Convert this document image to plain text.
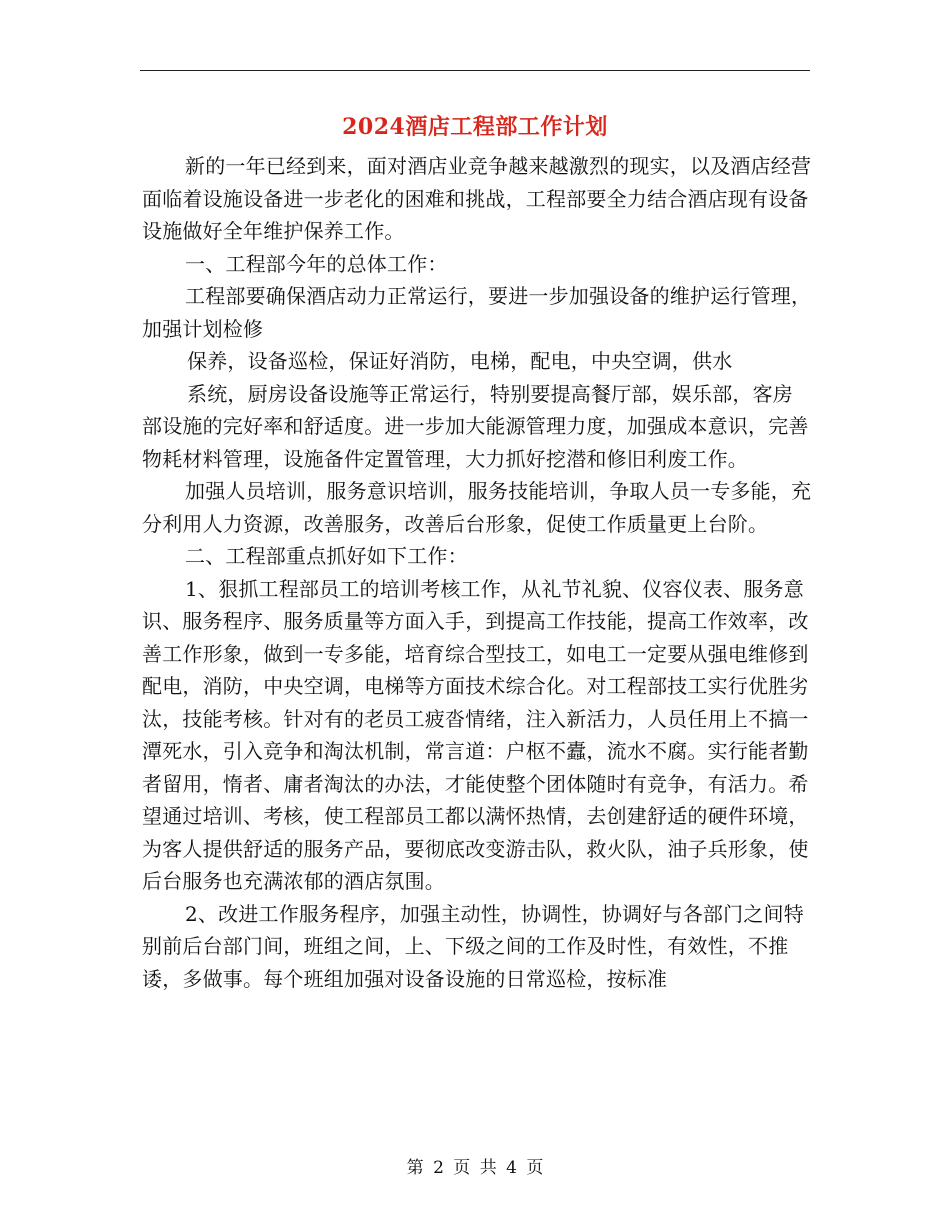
2024酒店工程部工作计划

新的一年已经到来，面对酒店业竞争越来越激烈的现实，以及酒店经营面临着设施设备进一步老化的困难和挑战，工程部要全力结合酒店现有设备设施做好全年维护保养工作。

一、工程部今年的总体工作：

工程部要确保酒店动力正常运行，要进一步加强设备的维护运行管理，加强计划检修

保养，设备巡检，保证好消防，电梯，配电，中央空调，供水

系统，厨房设备设施等正常运行，特别要提高餐厅部，娱乐部，客房部设施的完好率和舒适度。进一步加大能源管理力度，加强成本意识，完善物耗材料管理，设施备件定置管理，大力抓好挖潜和修旧利废工作。

加强人员培训，服务意识培训，服务技能培训，争取人员一专多能，充分利用人力资源，改善服务，改善后台形象，促使工作质量更上台阶。

二、工程部重点抓好如下工作：

1、狠抓工程部员工的培训考核工作，从礼节礼貌、仪容仪表、服务意识、服务程序、服务质量等方面入手，到提高工作技能，提高工作效率，改善工作形象，做到一专多能，培育综合型技工，如电工一定要从强电维修到配电，消防，中央空调，电梯等方面技术综合化。对工程部技工实行优胜劣汰，技能考核。针对有的老员工疲沓情绪，注入新活力，人员任用上不搞一潭死水，引入竞争和淘汰机制，常言道：户枢不蠹，流水不腐。实行能者勤者留用，惰者、庸者淘汰的办法，才能使整个团体随时有竞争，有活力。希望通过培训、考核，使工程部员工都以满怀热情，去创建舒适的硬件环境，为客人提供舒适的服务产品，要彻底改变游击队，救火队，油子兵形象，使后台服务也充满浓郁的酒店氛围。

2、改进工作服务程序，加强主动性，协调性，协调好与各部门之间特别前后台部门间，班组之间，上、下级之间的工作及时性，有效性，不推诿，多做事。每个班组加强对设备设施的日常巡检，按标准

第 2 页 共 4 页
